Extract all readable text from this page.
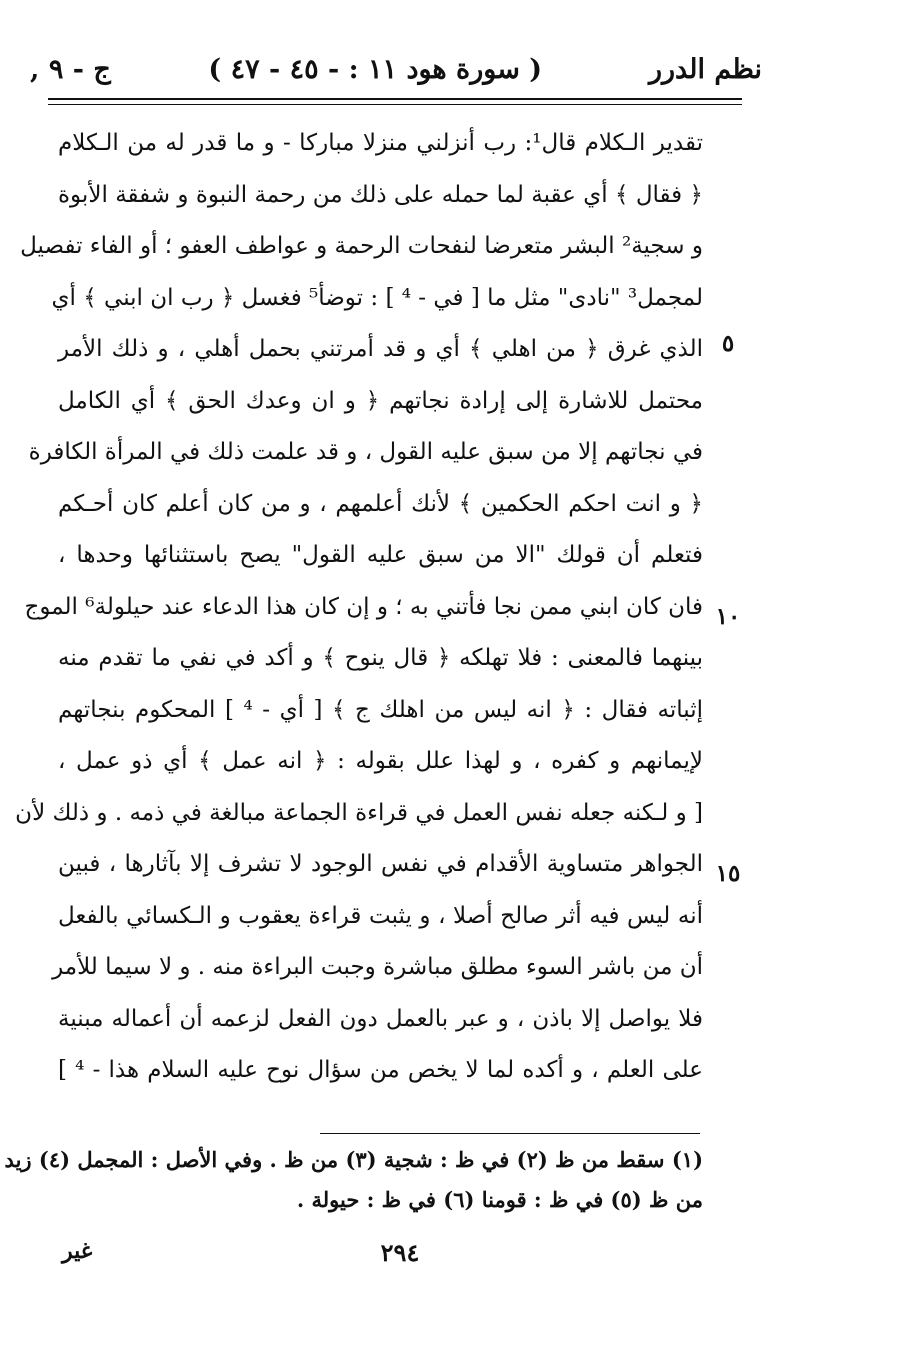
نظم الدرر
( سورة هود ١١ : - ٤٥ - ٤٧ )
ج - ٩ ,
٥
١٠
١٥
تقدير الـكلام قال¹: رب أنزلني منزلا مباركا - و ما قدر له من الـكلام
﴿ فقال ﴾ أي عقبة لما حمله على ذلك من رحمة النبوة و شفقة الأبوة
و سجية² البشر متعرضا لنفحات الرحمة و عواطف العفو ؛ أو الفاء تفصيل
لمجمل³ "نادى" مثل ما [ في - ⁴ ] : توضأ⁵ فغسل ﴿ رب ان ابني ﴾ أي
الذي غرق ﴿ من اهلي ﴾ أي و قد أمرتني بحمل أهلي ، و ذلك الأمر
محتمل للاشارة إلى إرادة نجاتهم ﴿ و ان وعدك الحق ﴾ أي الكامل
في نجاتهم إلا من سبق عليه القول ، و قد علمت ذلك في المرأة الكافرة
﴿ و انت احكم الحكمين ﴾ لأنك أعلمهم ، و من كان أعلم كان أحـكم
فتعلم أن قولك "الا من سبق عليه القول" يصح باستثنائها وحدها ،
فان كان ابني ممن نجا فأتني به ؛ و إن كان هذا الدعاء عند حيلولة⁶ الموج
بينهما فالمعنى : فلا تهلكه ﴿ قال ينوح ﴾ و أكد في نفي ما تقدم منه
إثباته فقال : ﴿ انه ليس من اهلك ج ﴾ [ أي - ⁴ ] المحكوم بنجاتهم
لإيمانهم و كفره ، و لهذا علل بقوله : ﴿ انه عمل ﴾ أي ذو عمل ،
[ و لـكنه جعله نفس العمل في قراءة الجماعة مبالغة في ذمه . و ذلك لأن
الجواهر متساوية الأقدام في نفس الوجود لا تشرف إلا بآثارها ، فبين
أنه ليس فيه أثر صالح أصلا ، و يثبت قراءة يعقوب و الـكسائي بالفعل
أن من باشر السوء مطلق مباشرة وجبت البراءة منه . و لا سيما للأمر
فلا يواصل إلا باذن ، و عبر بالعمل دون الفعل لزعمه أن أعماله مبنية
على العلم ، و أكده لما لا يخص من سؤال نوح عليه السلام هذا - ⁴ ]
(١) سقط من ظ (٢) في ظ : شجية (٣) من ظ . وفي الأصل : المجمل (٤) زيد
من ظ (٥) في ظ : قومنا (٦) في ظ : حيولة .
٢٩٤
غير
